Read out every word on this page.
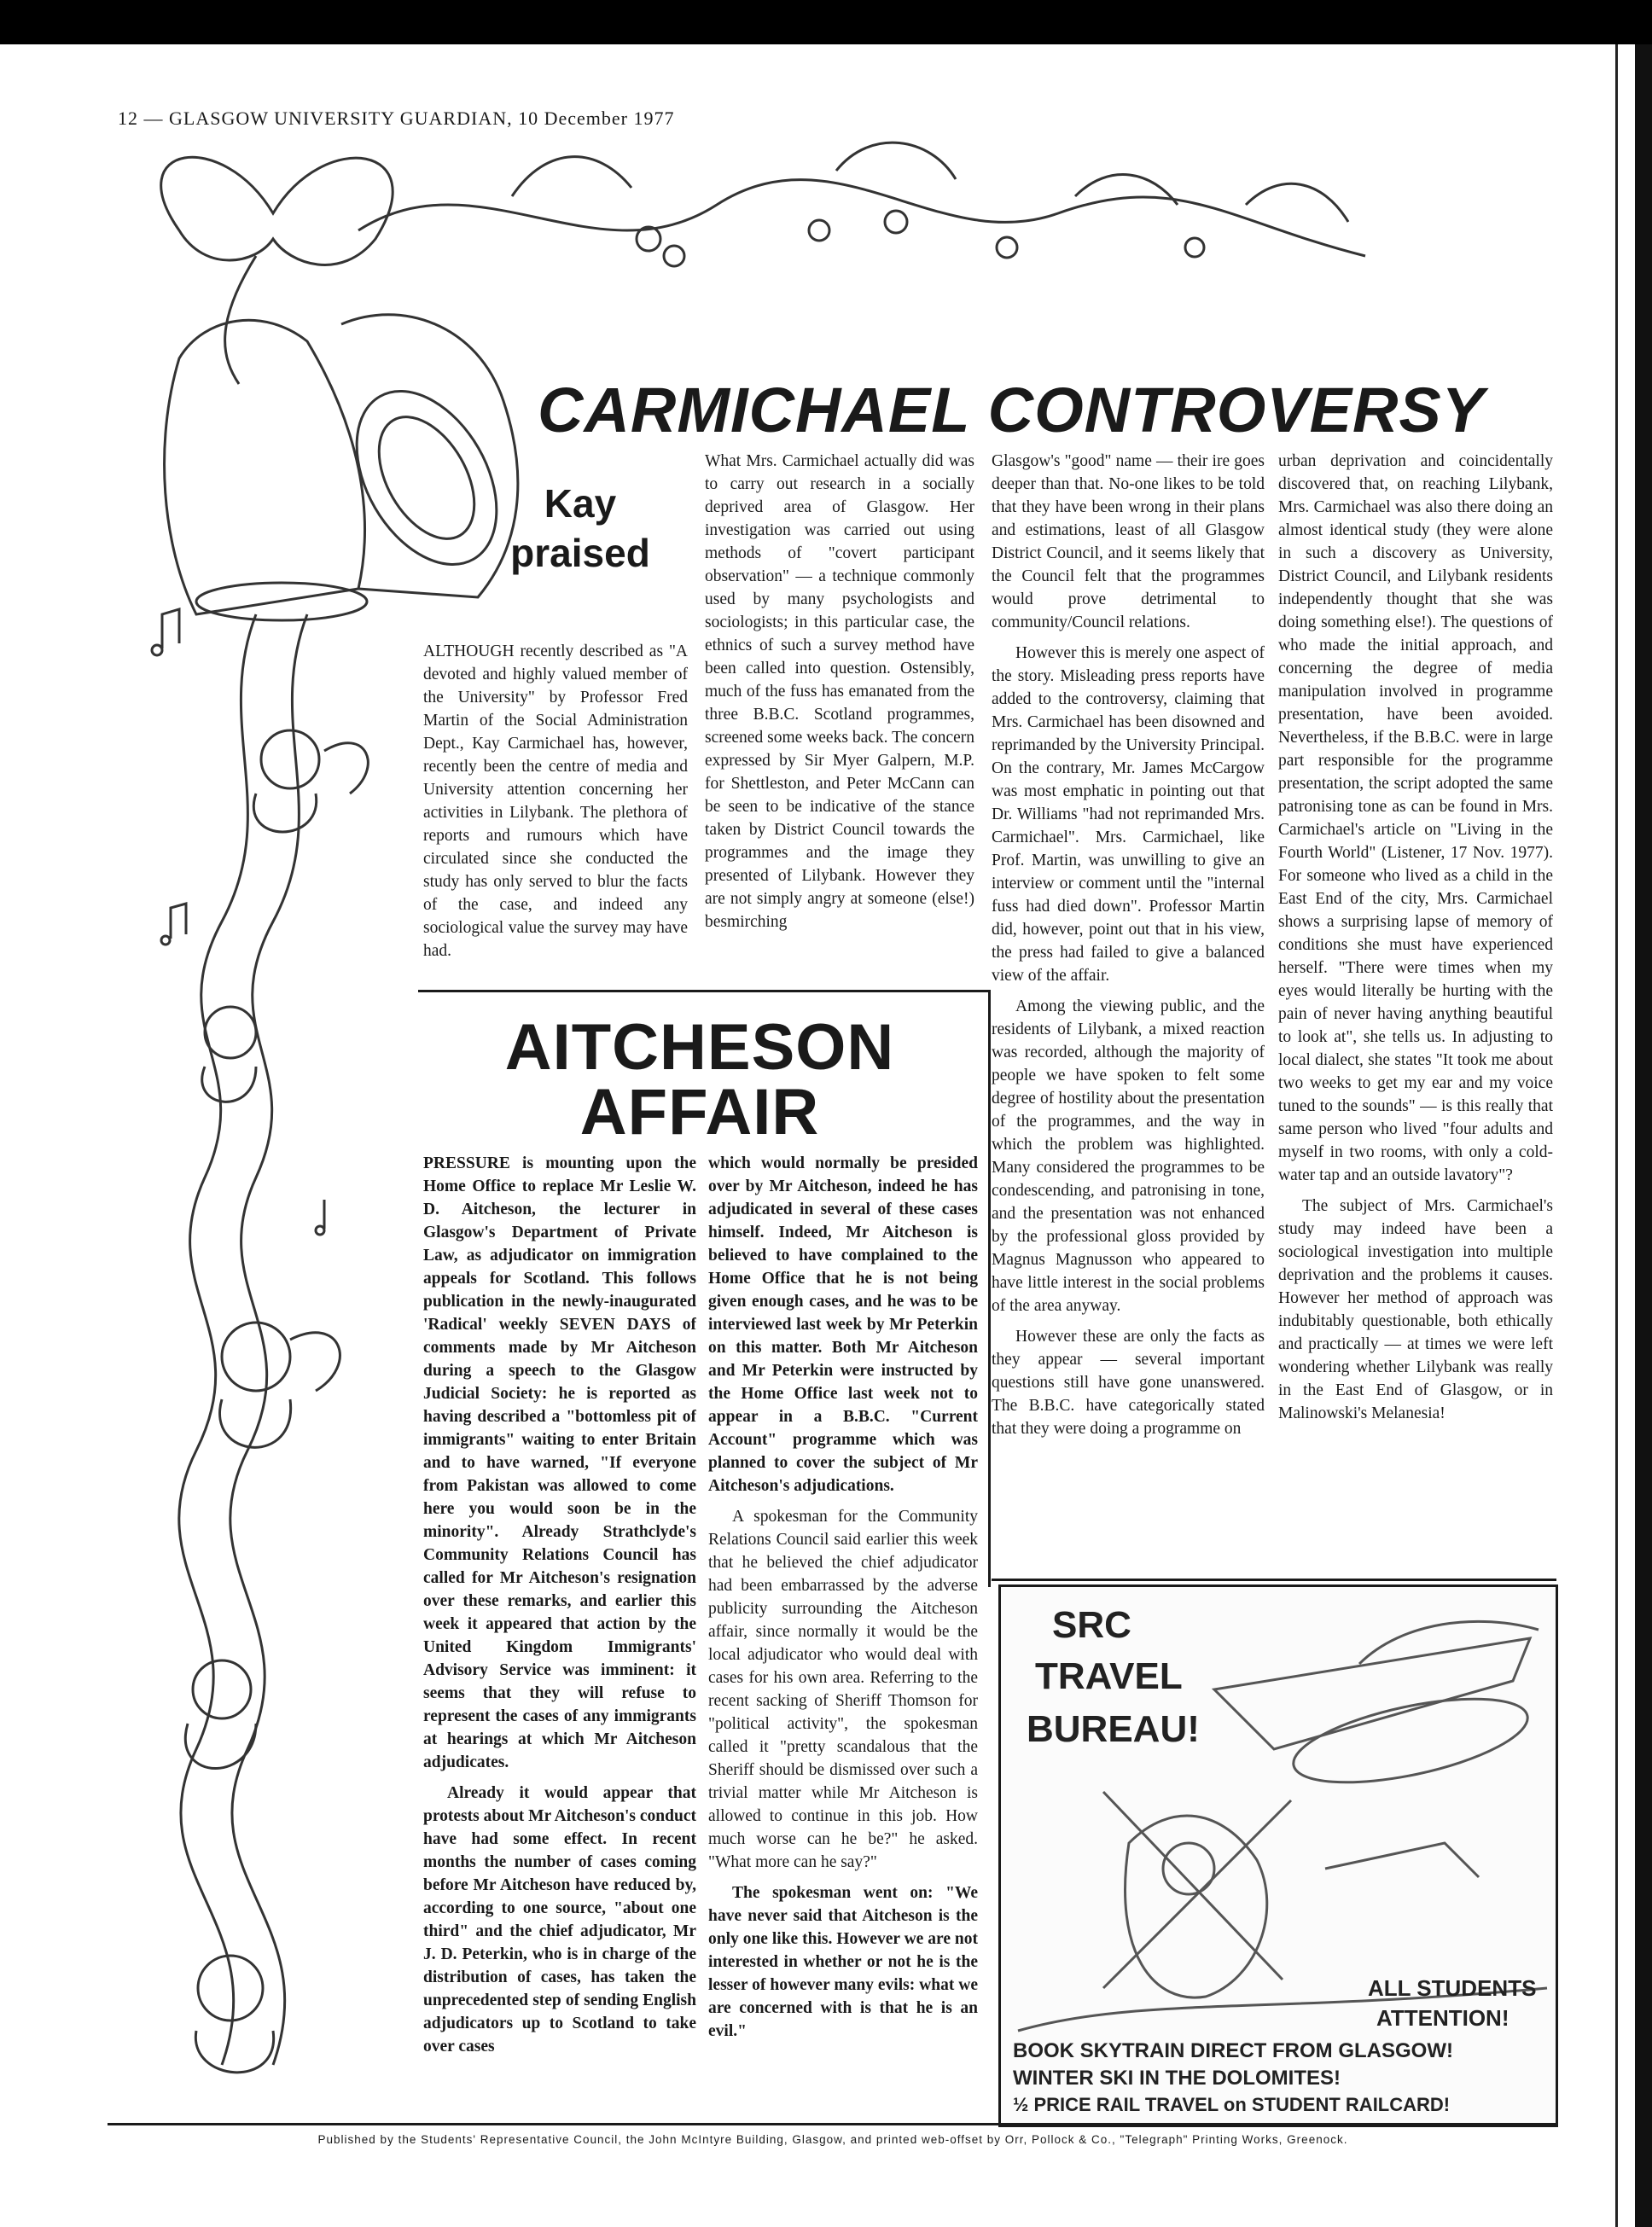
12 — GLASGOW UNIVERSITY GUARDIAN, 10 December 1977
CARMICHAEL CONTROVERSY
Kay
praised

ALTHOUGH recently described as "A devoted and highly valued member of the University" by Professor Fred Martin of the Social Administration Dept., Kay Carmichael has, however, recently been the centre of media and University attention concerning her activities in Lilybank. The plethora of reports and rumours which have circulated since she conducted the study has only served to blur the facts of the case, and indeed any sociological value the survey may have had.

What Mrs. Carmichael actually did was to carry out research in a socially deprived area of Glasgow. Her investigation was carried out using methods of "covert participant observation" — a technique commonly used by many psychologists and sociologists; in this particular case, the ethnics of such a survey method have been called into question. Ostensibly, much of the fuss has emanated from the three B.B.C. Scotland programmes, screened some weeks back. The concern expressed by Sir Myer Galpern, M.P. for Shettleston, and Peter McCann can be seen to be indicative of the stance taken by District Council towards the programmes and the image they presented of Lilybank. However they are not simply angry at someone (else!) besmirching

Glasgow's "good" name — their ire goes deeper than that. No-one likes to be told that they have been wrong in their plans and estimations, least of all Glasgow District Council, and it seems likely that the Council felt that the programmes would prove detrimental to community/Council relations.

However this is merely one aspect of the story. Misleading press reports have added to the controversy, claiming that Mrs. Carmichael has been disowned and reprimanded by the University Principal. On the contrary, Mr. James McCargow was most emphatic in pointing out that Dr. Williams "had not reprimanded Mrs. Carmichael". Mrs. Carmichael, like Prof. Martin, was unwilling to give an interview or comment until the "internal fuss had died down". Professor Martin did, however, point out that in his view, the press had failed to give a balanced view of the affair.

Among the viewing public, and the residents of Lilybank, a mixed reaction was recorded, although the majority of people we have spoken to felt some degree of hostility about the presentation of the programmes, and the way in which the problem was highlighted. Many considered the programmes to be condescending, and patronising in tone, and the presentation was not enhanced by the professional gloss provided by Magnus Magnusson who appeared to have little interest in the social problems of the area anyway.

However these are only the facts as they appear — several important questions still have gone unanswered. The B.B.C. have categorically stated that they were doing a programme on

urban deprivation and coincidentally discovered that, on reaching Lilybank, Mrs. Carmichael was also there doing an almost identical study (they were alone in such a discovery as University, District Council, and Lilybank residents independently thought that she was doing something else!). The questions of who made the initial approach, and concerning the degree of media manipulation involved in programme presentation, have been avoided. Nevertheless, if the B.B.C. were in large part responsible for the programme presentation, the script adopted the same patronising tone as can be found in Mrs. Carmichael's article on "Living in the Fourth World" (Listener, 17 Nov. 1977). For someone who lived as a child in the East End of the city, Mrs. Carmichael shows a surprising lapse of memory of conditions she must have experienced herself. "There were times when my eyes would literally be hurting with the pain of never having anything beautiful to look at", she tells us. In adjusting to local dialect, she states "It took me about two weeks to get my ear and my voice tuned to the sounds" — is this really that same person who lived "four adults and myself in two rooms, with only a cold-water tap and an outside lavatory"?

The subject of Mrs. Carmichael's study may indeed have been a sociological investigation into multiple deprivation and the problems it causes. However her method of approach was indubitably questionable, both ethically and practically — at times we were left wondering whether Lilybank was really in the East End of Glasgow, or in Malinowski's Melanesia!

AITCHESON
AFFAIR

PRESSURE is mounting upon the Home Office to replace Mr Leslie W. D. Aitcheson, the lecturer in Glasgow's Department of Private Law, as adjudicator on immigration appeals for Scotland. This follows publication in the newly-inaugurated 'Radical' weekly SEVEN DAYS of comments made by Mr Aitcheson during a speech to the Glasgow Judicial Society: he is reported as having described a "bottomless pit of immigrants" waiting to enter Britain and to have warned, "If everyone from Pakistan was allowed to come here you would soon be in the minority". Already Strathclyde's Community Relations Council has called for Mr Aitcheson's resignation over these remarks, and earlier this week it appeared that action by the United Kingdom Immigrants' Advisory Service was imminent: it seems that they will refuse to represent the cases of any immigrants at hearings at which Mr Aitcheson adjudicates.

Already it would appear that protests about Mr Aitcheson's conduct have had some effect. In recent months the number of cases coming before Mr Aitcheson have reduced by, according to one source, "about one third" and the chief adjudicator, Mr J. D. Peterkin, who is in charge of the distribution of cases, has taken the unprecedented step of sending English adjudicators up to Scotland to take over cases

which would normally be presided over by Mr Aitcheson, indeed he has adjudicated in several of these cases himself. Indeed, Mr Aitcheson is believed to have complained to the Home Office that he is not being given enough cases, and he was to be interviewed last week by Mr Peterkin on this matter. Both Mr Aitcheson and Mr Peterkin were instructed by the Home Office last week not to appear in a B.B.C. "Current Account" programme which was planned to cover the subject of Mr Aitcheson's adjudications.

A spokesman for the Community Relations Council said earlier this week that he believed the chief adjudicator had been embarrassed by the adverse publicity surrounding the Aitcheson affair, since normally it would be the local adjudicator who would deal with cases for his own area. Referring to the recent sacking of Sheriff Thomson for "political activity", the spokesman called it "pretty scandalous that the Sheriff should be dismissed over such a trivial matter while Mr Aitcheson is allowed to continue in this job. How much worse can he be?" he asked. "What more can he say?"

The spokesman went on: "We have never said that Aitcheson is the only one like this. However we are not interested in whether or not he is the lesser of however many evils: what we are concerned with is that he is an evil."

SRC
TRAVEL
BUREAU!
ALL STUDENTS
ATTENTION!
BOOK SKYTRAIN DIRECT FROM GLASGOW!
WINTER SKI IN THE DOLOMITES!
½ PRICE RAIL TRAVEL on STUDENT RAILCARD!
Published by the Students' Representative Council, the John McIntyre Building, Glasgow, and printed web-offset by Orr, Pollock & Co., "Telegraph" Printing Works, Greenock.
